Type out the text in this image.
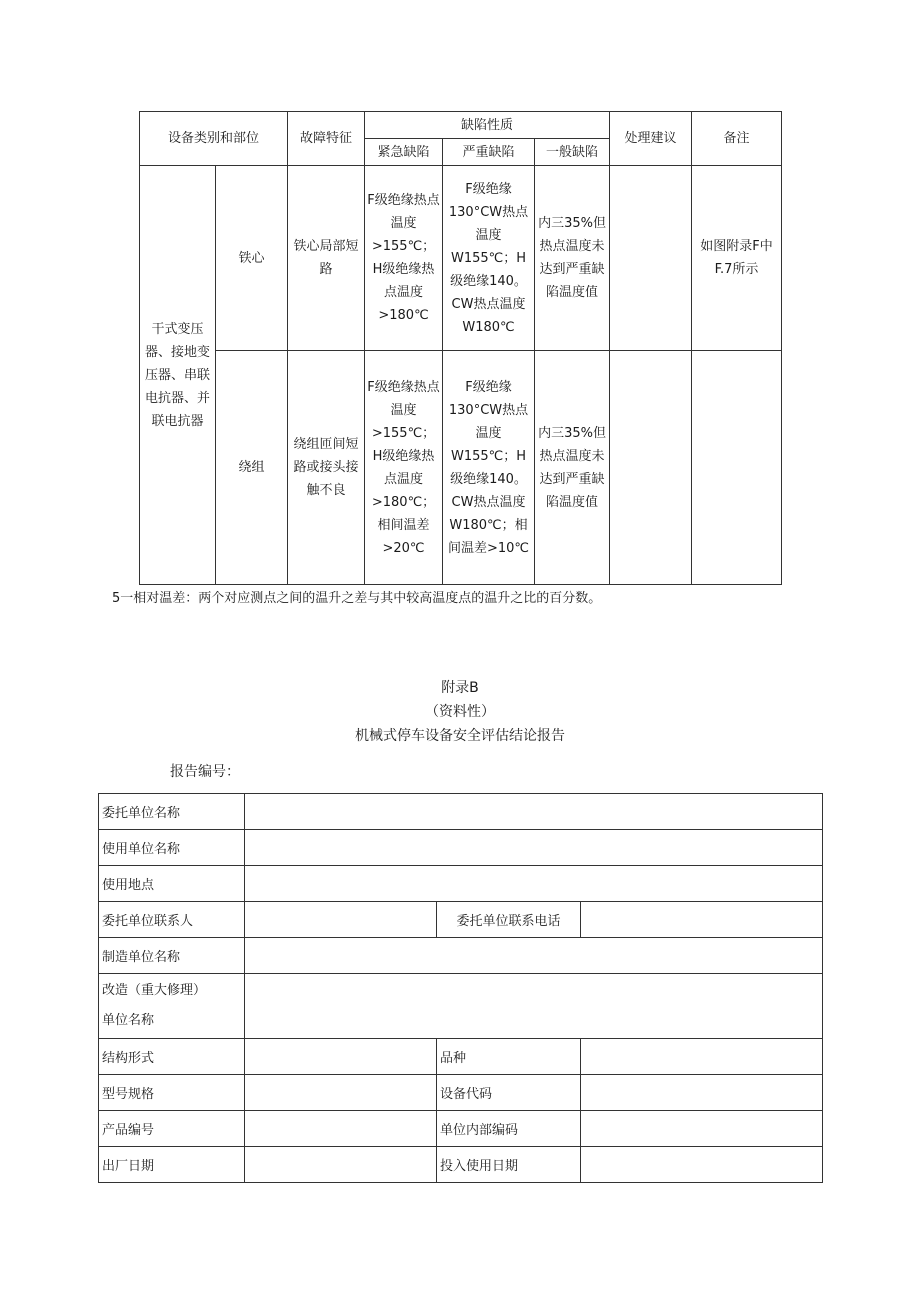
设备类别和部位		故障特征	缺陷性质			处理建议	备注
			紧急缺陷	严重缺陷	一般缺陷		
干式变压器、接地变压器、串联电抗器、并联电抗器	铁心	铁心局部短路	F级绝缘热点温度>155℃；H级绝缘热点温度>180℃	F级绝缘130°CW热点温度W155℃；H级绝缘140。CW热点温度W180℃	内三35%但热点温度未达到严重缺陷温度值		如图附录F中F.7所示
	绕组	绕组匝间短路或接头接触不良	F级绝缘热点温度>155℃；H级绝缘热点温度>180℃；相间温差>20℃	F级绝缘130°CW热点温度W155℃；H级绝缘140。CW热点温度W180℃；相间温差>10℃	内三35%但热点温度未达到严重缺陷温度值		
5一相对温差：两个对应测点之间的温升之差与其中较高温度点的温升之比的百分数。
附录B
（资料性）
机械式停车设备安全评估结论报告
报告编号：
委托单位名称			
使用单位名称			
使用地点			
委托单位联系人		委托单位联系电话	
制造单位名称			
改造（重大修理）
单位名称			
结构形式		品种	
型号规格		设备代码	
产品编号		单位内部编码	
出厂日期		投入使用日期	
